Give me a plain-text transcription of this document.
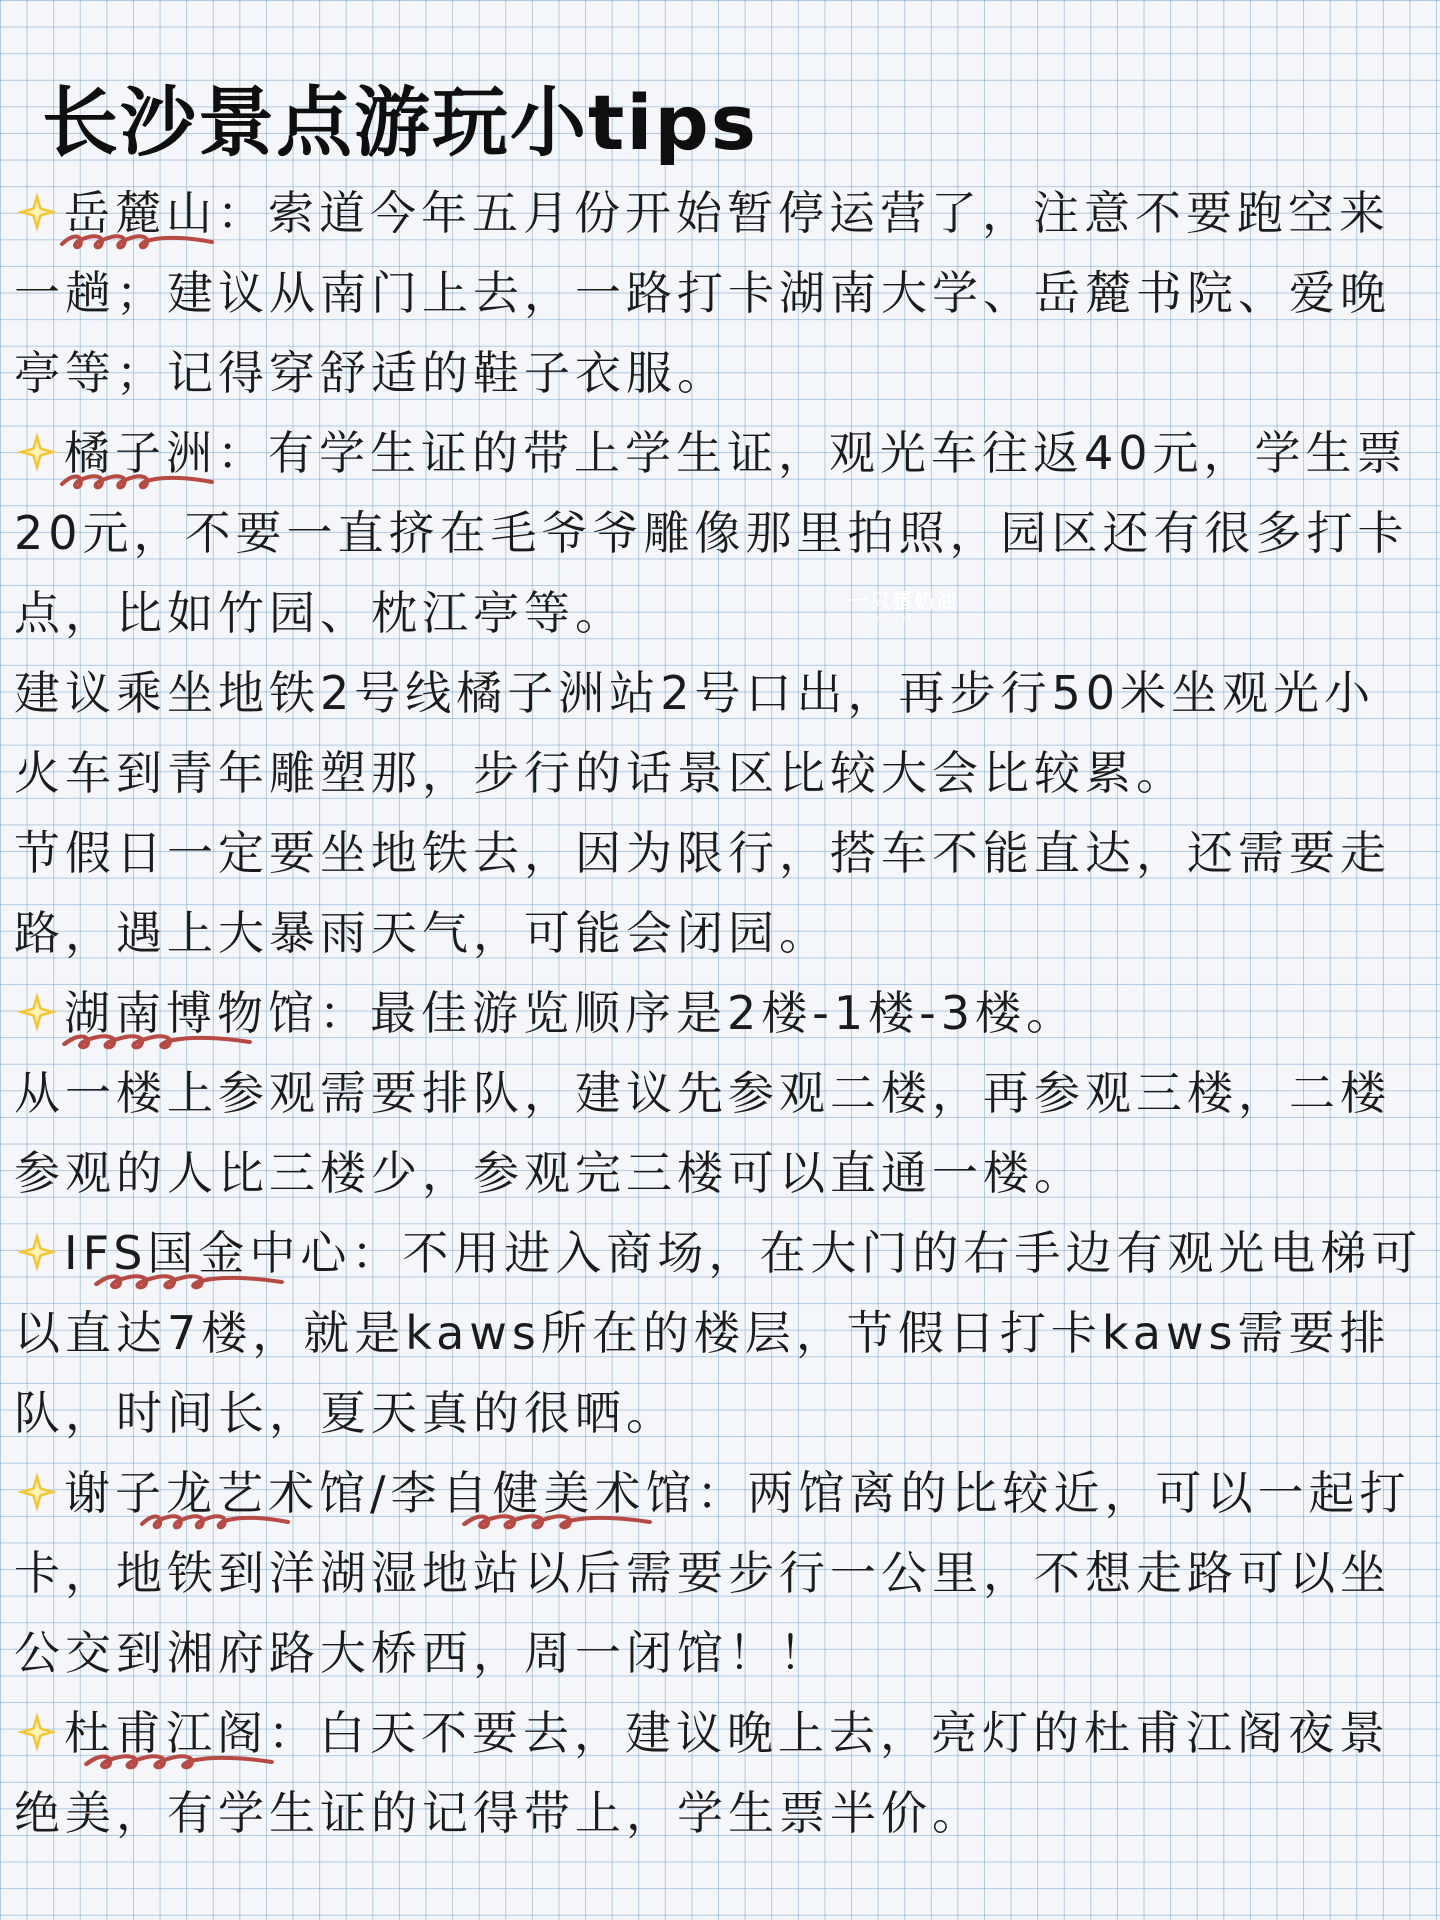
长沙景点游玩小tips
岳麓山
：索道今年五月份开始暂停运营了，注意不要跑空来一趟；建议从南门上去，一路打卡湖南大学、岳麓书院、爱晚亭等；记得穿舒适的鞋子衣服。
橘子洲
：有学生证的带上学生证，观光车往返40元，学生票20元，不要一直挤在毛爷爷雕像那里拍照，园区还有很多打卡点，比如竹园、枕江亭等。
建议乘坐地铁2号线橘子洲站2号口出，再步行50米坐观光小火车到青年雕塑那，步行的话景区比较大会比较累。
节假日一定要坐地铁去，因为限行，搭车不能直达，还需要走路，遇上大暴雨天气，可能会闭园。
湖南博物馆
：最佳游览顺序是2楼-1楼-3楼。
从一楼上参观需要排队，建议先参观二楼，再参观三楼，二楼参观的人比三楼少，参观完三楼可以直通一楼。
IFS国金中心
：不用进入商场，在大门的右手边有观光电梯可以直达7楼，就是kaws所在的楼层，节假日打卡kaws需要排队，时间长，夏天真的很晒。
谢子龙艺术馆/李自健美术馆
：两馆离的比较近，可以一起打卡，地铁到洋湖湿地站以后需要步行一公里，不想走路可以坐公交到湘府路大桥西，周一闭馆！！
杜甫江阁
：白天不要去，建议晚上去，亮灯的杜甫江阁夜景绝美，有学生证的记得带上，学生票半价。
一只猪奶油
rico.rtun
